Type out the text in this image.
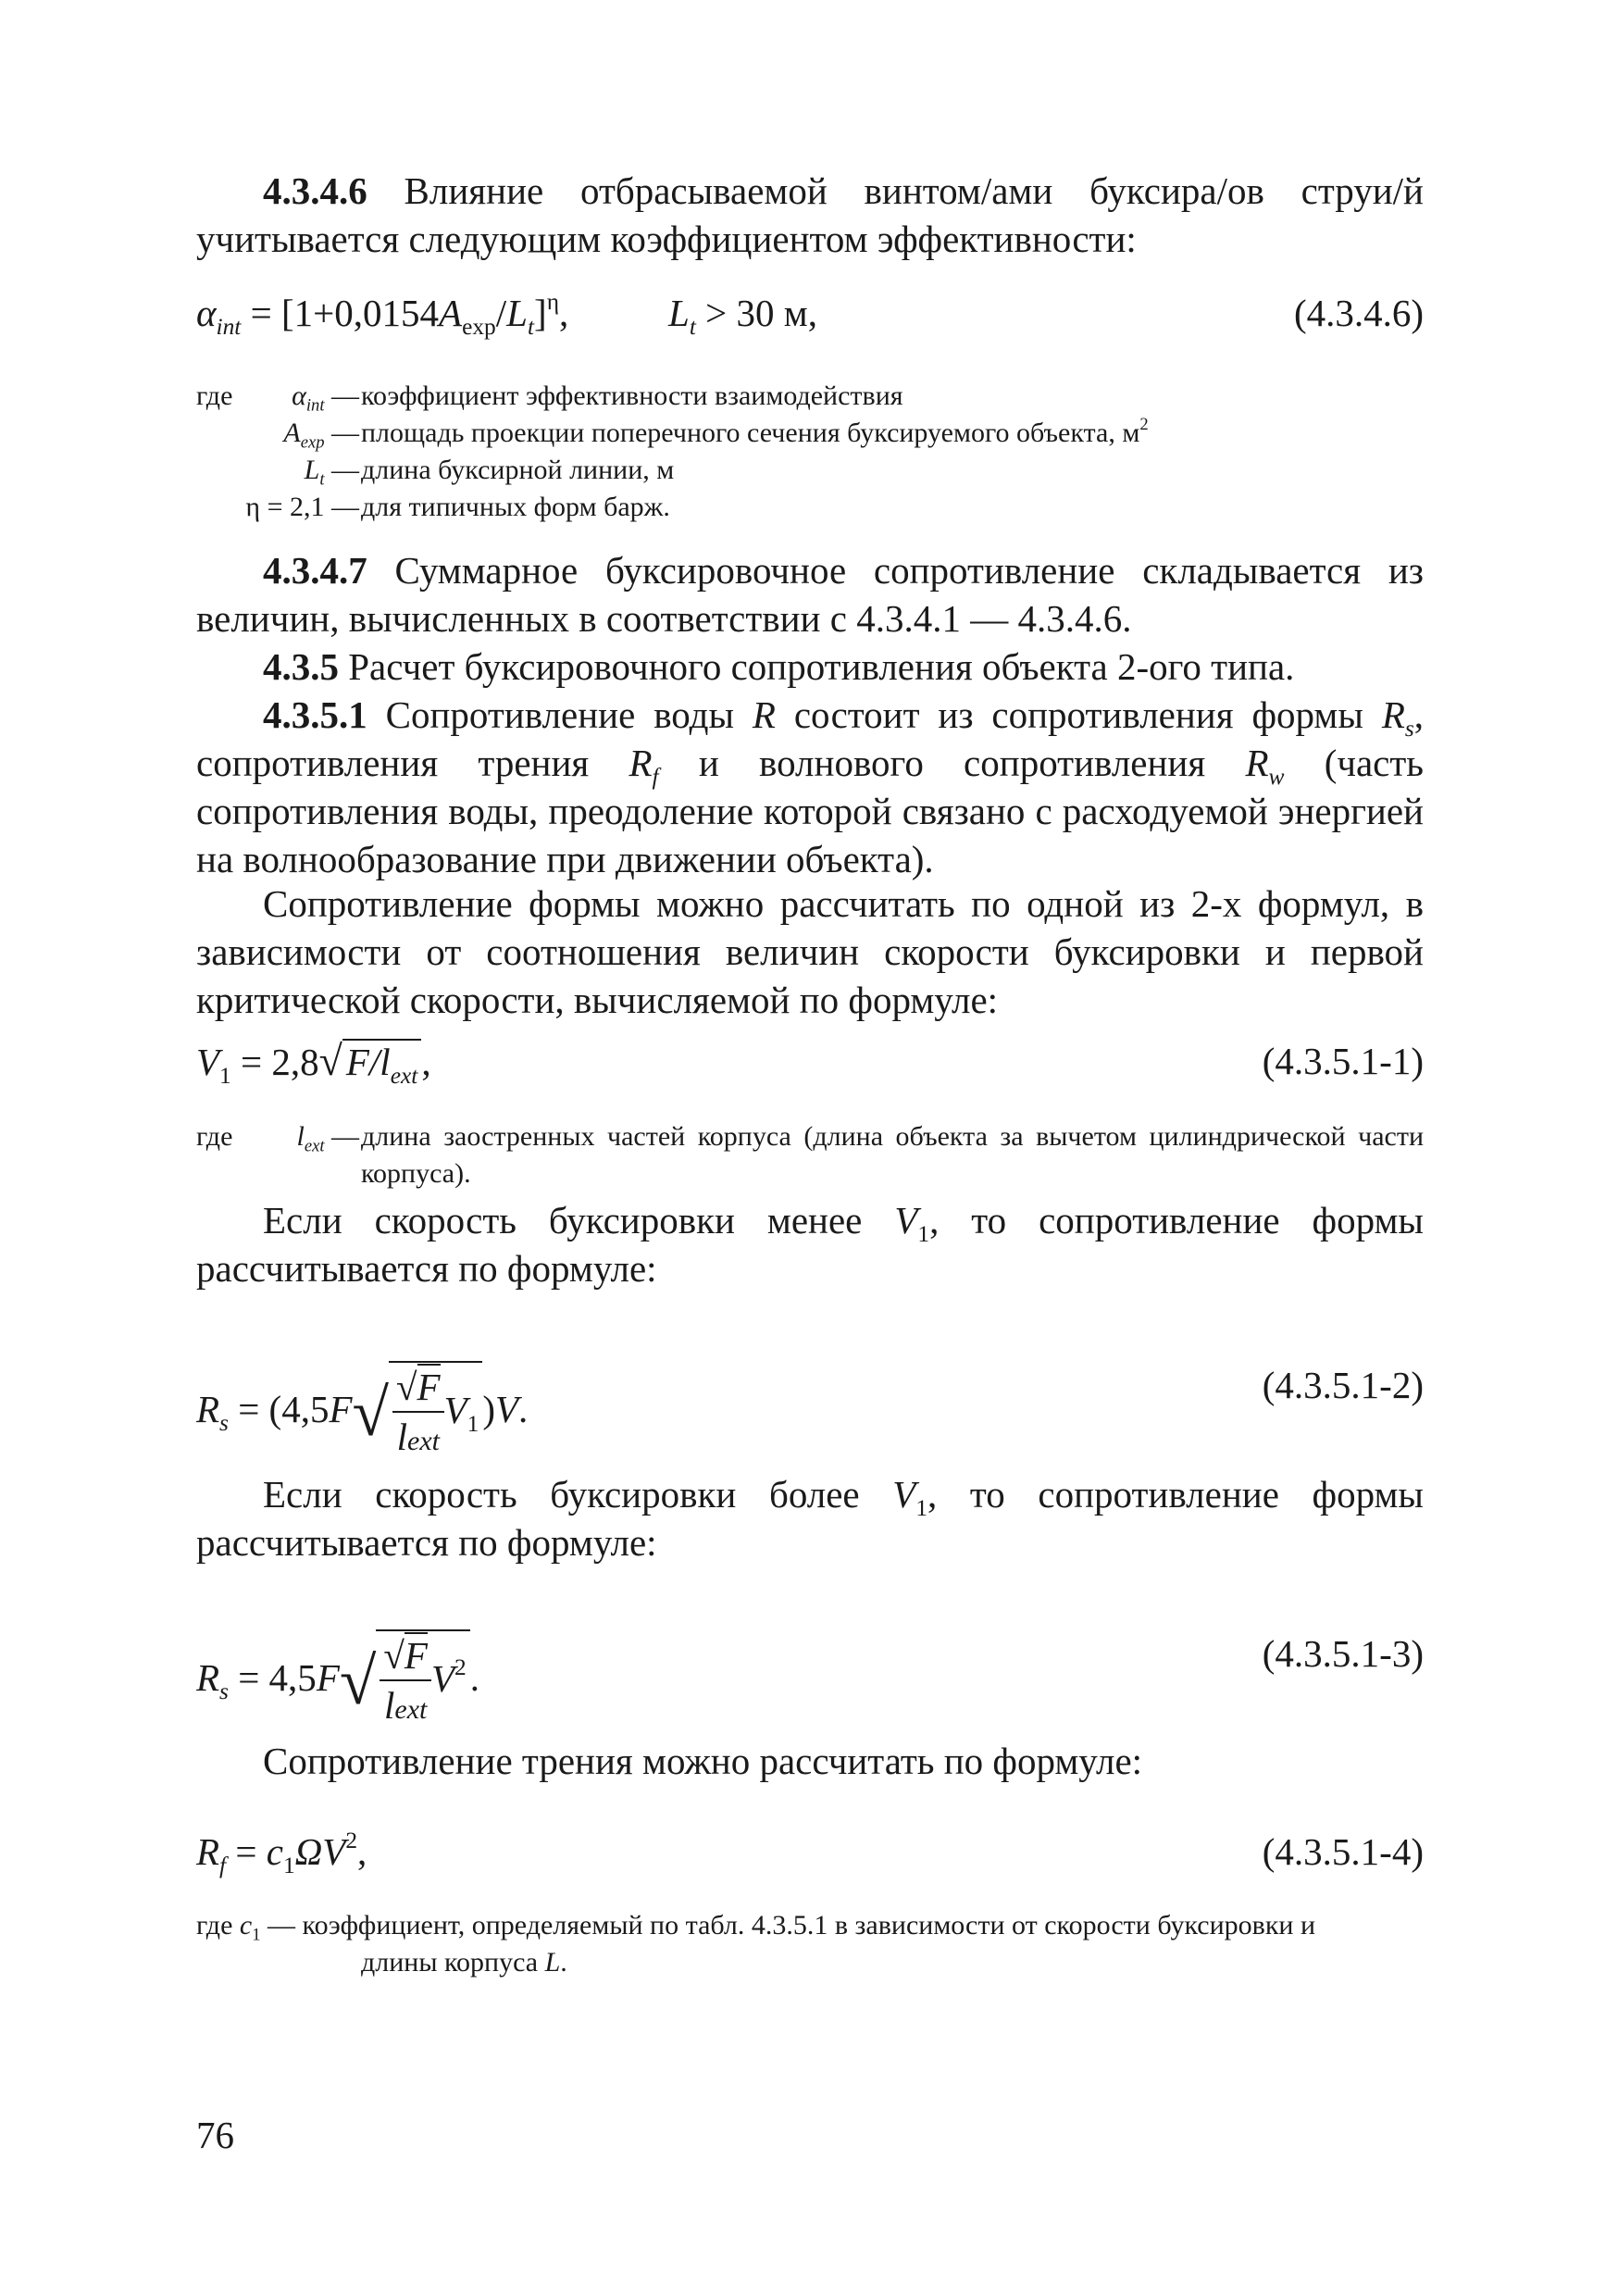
4.3.4.6 Влияние отбрасываемой винтом/ами буксира/ов струи/й учитывается следующим коэффициентом эффективности:

$\alpha_{int} = [1+0,0154A_{exp}/L_t]^\eta$,	$L_t > 30$ м,	(4.3.4.6)
где	$\alpha_{int}$ — коэффициент эффективности взаимодействия
$A_{exp}$ — площадь проекции поперечного сечения буксируемого объекта, $м^2$
$L_t$ — длина буксирной линии, м
η = 2,1 — для типичных форм барж.

4.3.4.7 Суммарное буксировочное сопротивление складывается из величин, вычисленных в соответствии с 4.3.4.1 — 4.3.4.6.

4.3.5 Расчет буксировочного сопротивления объекта 2-ого типа.

4.3.5.1 Сопротивление воды R состоит из сопротивления формы $R_s$, сопротивления трения $R_f$ и волнового сопротивления $R_w$ (часть сопротивления воды, преодоление которой связано с расходуемой энергией на волнообразование при движении объекта).

Сопротивление формы можно рассчитать по одной из 2-х формул, в зависимости от соотношения величин скорости буксировки и первой критической скорости, вычисляемой по формуле:

$V_1 = 2,8√F/l_{ext}$,	(4.3.5.1-1)
где	$l_{ext}$ — длина заостренных частей корпуса (длина объекта за вычетом цилиндрической части корпуса).

Если скорость буксировки менее $V_1$, то сопротивление формы рассчитывается по формуле:

$R_s = (4,5F√ \frac{√F}{\text{lext}} V_1)V$.
(4.3.5.1-2)

Если скорость буксировки более $V_1$, то сопротивление формы рассчитывается по формуле:

$R_s = 4,5F√ \frac{√F}{\text{lext}} V^2$.
(4.3.5.1-3)

Сопротивление трения можно рассчитать по формуле:

$R_f = c_1\Omega V^2$,	(4.3.5.1-4)
где $c_1$ — коэффициент, определяемый по табл. 4.3.5.1 в зависимости от скорости буксировки и
длины корпуса L.
76
